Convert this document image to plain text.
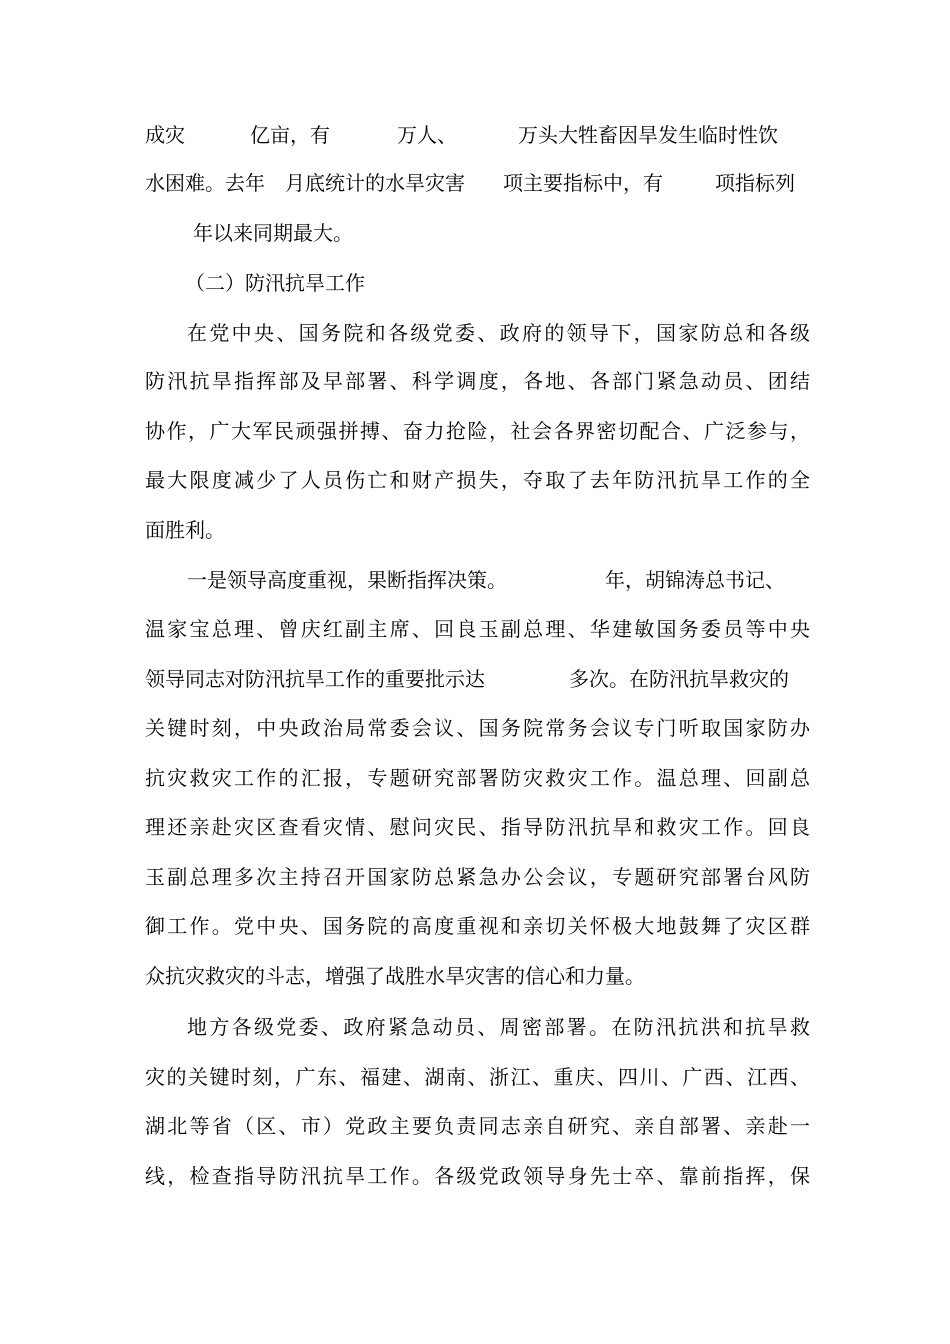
成灾

	亿亩，有

	万人、

	万头大牲畜因旱发生临时性饮

水困难。去年

月底统计的水旱灾害

项主要指标中，有

	项指标列

年以来同期最大。

（二）防汛抗旱工作

在党中央、国务院和各级党委、政府的领导下，国家防总和各级
防汛抗旱指挥部及早部署、科学调度，各地、各部门紧急动员、团结
协作，广大军民顽强拼搏、奋力抢险，社会各界密切配合、广泛参与，
最大限度减少了人员伤亡和财产损失，夺取了去年防汛抗旱工作的全
面胜利。

一是领导高度重视，果断指挥决策。

	年，胡锦涛总书记、

温家宝总理、曾庆红副主席、回良玉副总理、华建敏国务委员等中央

领导同志对防汛抗旱工作的重要批示达

	多次。在防汛抗旱救灾的

关键时刻，中央政治局常委会议、国务院常务会议专门听取国家防办
抗灾救灾工作的汇报，专题研究部署防灾救灾工作。温总理、回副总
理还亲赴灾区查看灾情、慰问灾民、指导防汛抗旱和救灾工作。回良
玉副总理多次主持召开国家防总紧急办公会议，专题研究部署台风防
御工作。党中央、国务院的高度重视和亲切关怀极大地鼓舞了灾区群
众抗灾救灾的斗志，增强了战胜水旱灾害的信心和力量。
地方各级党委、政府紧急动员、周密部署。在防汛抗洪和抗旱救
灾的关键时刻，广东、福建、湖南、浙江、重庆、四川、广西、江西、
湖北等省（区、市）党政主要负责同志亲自研究、亲自部署、亲赴一
线，检查指导防汛抗旱工作。各级党政领导身先士卒、靠前指挥，保
